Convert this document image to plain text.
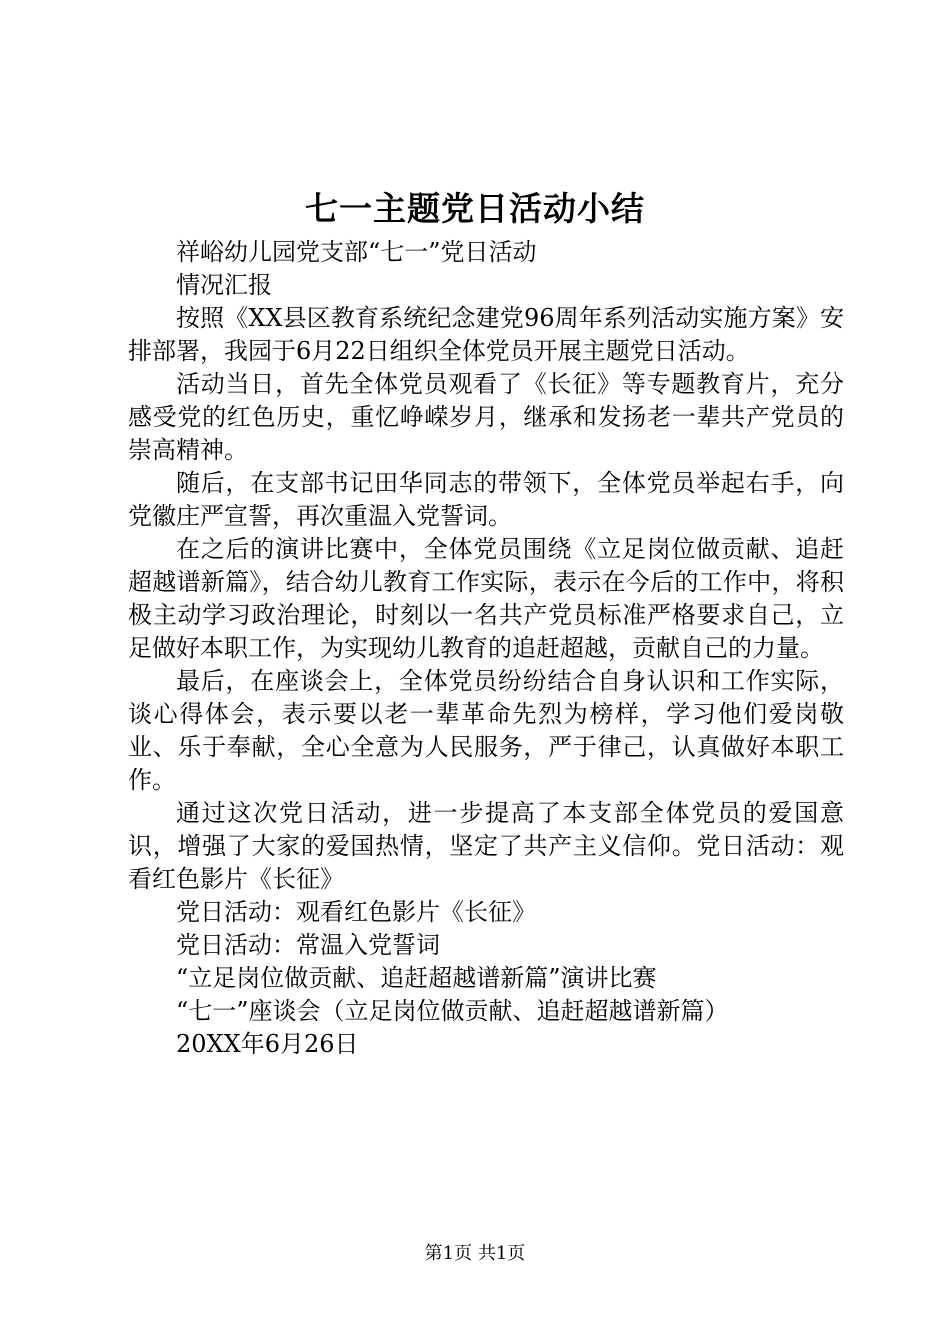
七一主题党日活动小结

祥峪幼儿园党支部“七一”党日活动

情况汇报

按照《XX县区教育系统纪念建党96周年系列活动实施方案》安排部署，我园于6月22日组织全体党员开展主题党日活动。

活动当日，首先全体党员观看了《长征》等专题教育片，充分感受党的红色历史，重忆峥嵘岁月，继承和发扬老一辈共产党员的崇高精神。

随后，在支部书记田华同志的带领下，全体党员举起右手，向党徽庄严宣誓，再次重温入党誓词。

在之后的演讲比赛中，全体党员围绕《立足岗位做贡献、追赶超越谱新篇》，结合幼儿教育工作实际，表示在今后的工作中，将积极主动学习政治理论，时刻以一名共产党员标准严格要求自己，立足做好本职工作，为实现幼儿教育的追赶超越，贡献自己的力量。

最后，在座谈会上，全体党员纷纷结合自身认识和工作实际，谈心得体会，表示要以老一辈革命先烈为榜样，学习他们爱岗敬业、乐于奉献，全心全意为人民服务，严于律己，认真做好本职工作。

通过这次党日活动，进一步提高了本支部全体党员的爱国意识，增强了大家的爱国热情，坚定了共产主义信仰。党日活动：观看红色影片《长征》

党日活动：观看红色影片《长征》

党日活动：常温入党誓词

“立足岗位做贡献、追赶超越谱新篇”演讲比赛

“七一”座谈会（立足岗位做贡献、追赶超越谱新篇）

20XX年6月26日

第1页 共1页
